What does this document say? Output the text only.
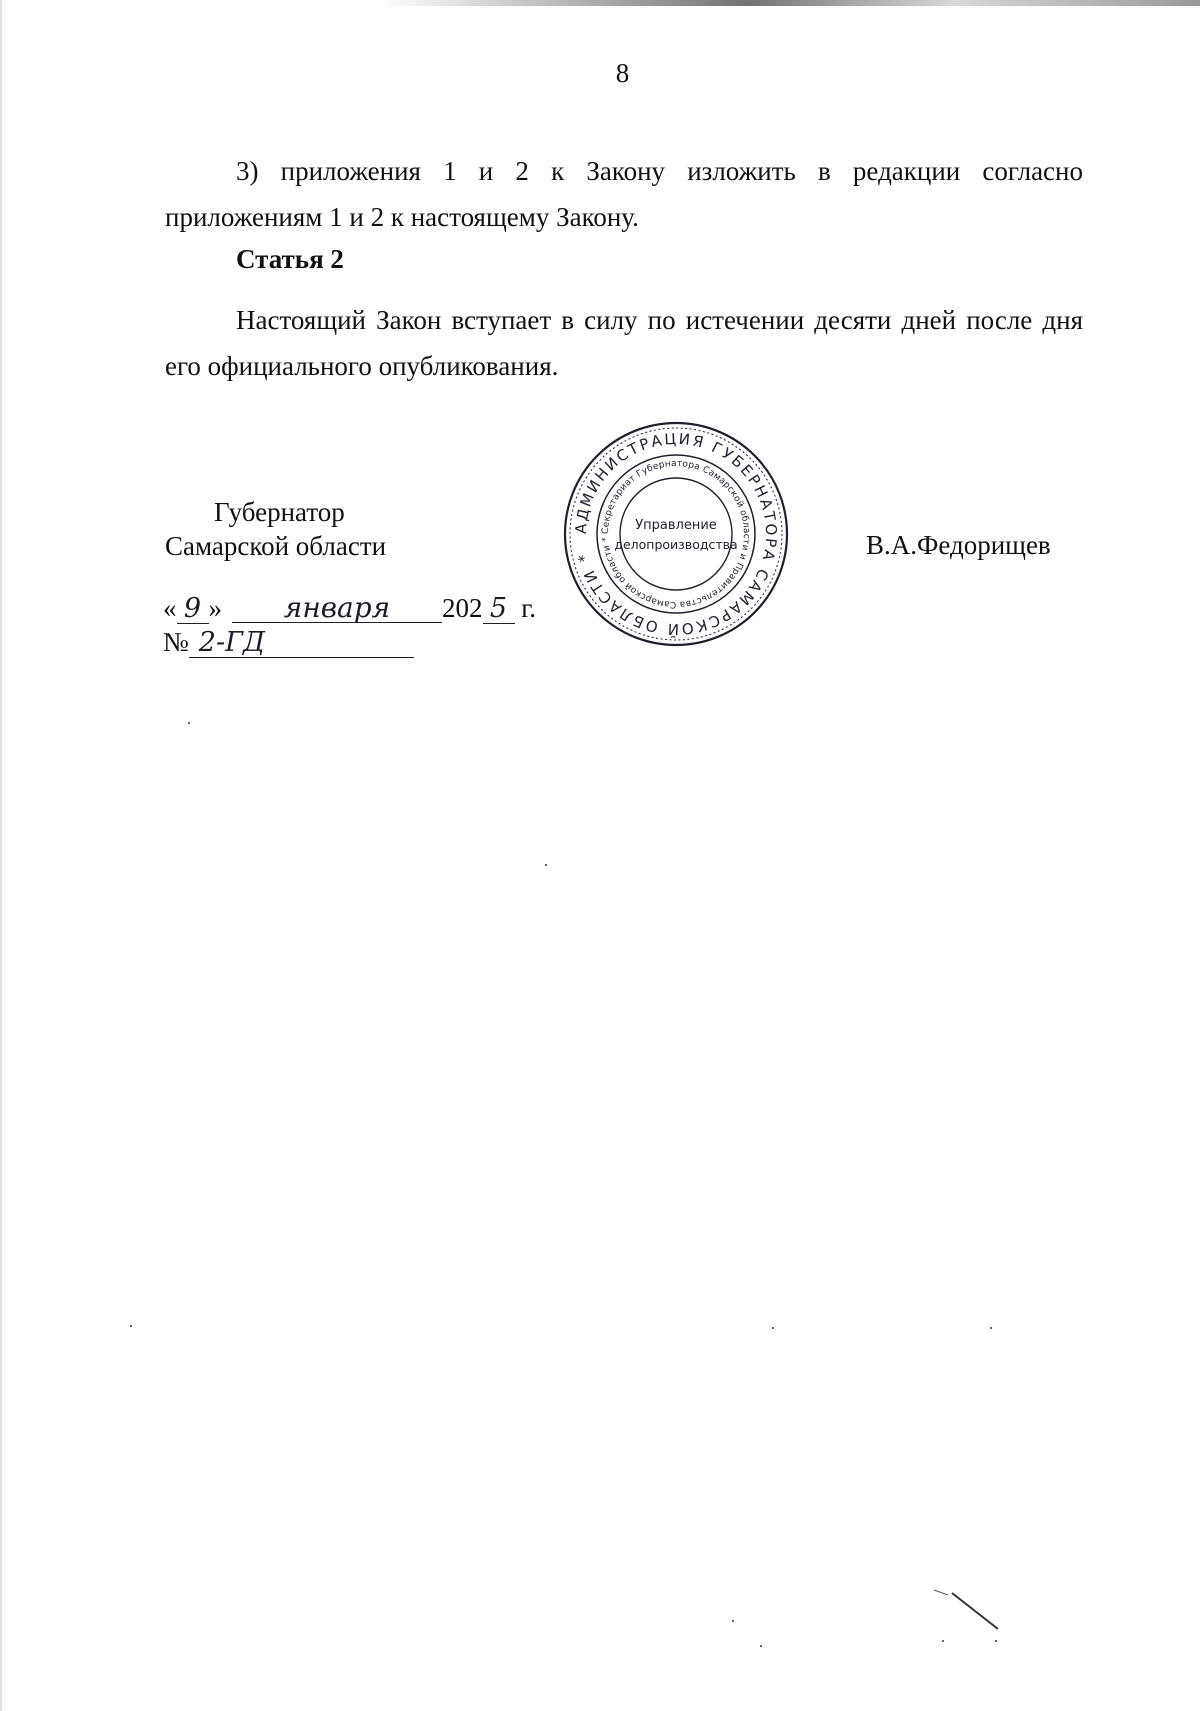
8

3) приложения 1 и 2 к Закону изложить в редакции согласно приложениям 1 и 2 к настоящему Закону.

Статья 2

Настоящий Закон вступает в силу по истечении десяти дней после дня его официального опубликования.

Губернатор
Самарской области
АДМИНИСТРАЦИЯ ГУБЕРНАТОРА САМАРСКОЙ ОБЛАСТИ *
Секретариат Губернатора Самарской области и Правительства Самарской области *
Управление
делопроизводства	В.А.Федорищев
« 9 » января 202 5 г.
№ 2-ГД
